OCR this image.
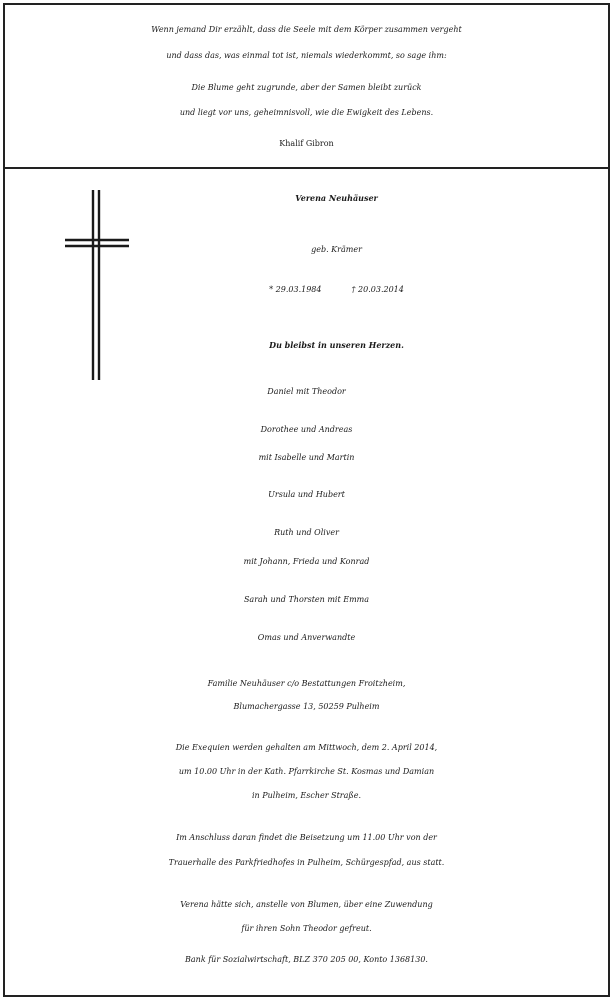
Wenn jemand Dir erzählt, dass die Seele mit dem Körper zusammen vergeht
und dass das, was einmal tot ist, niemals wiederkommt, so sage ihm:
Die Blume geht zugrunde, aber der Samen bleibt zurück
und liegt vor uns, geheimnisvoll, wie die Ewigkeit des Lebens.
Khalif Gibron
Verena Neuhäuser
geb. Krämer
* 29.03.1984	† 20.03.2014
Du bleibst in unseren Herzen.
Daniel mit Theodor
Dorothee und Andreas
mit Isabelle und Martin
Ursula und Hubert
Ruth und Oliver
mit Johann, Frieda und Konrad
Sarah und Thorsten mit Emma
Omas und Anverwandte
Familie Neuhäuser c/o Bestattungen Froitzheim,
Blumachergasse 13, 50259 Pulheim
Die Exequien werden gehalten am Mittwoch, dem 2. April 2014,
um 10.00 Uhr in der Kath. Pfarrkirche St. Kosmas und Damian
in Pulheim, Escher Straße.
Im Anschluss daran findet die Beisetzung um 11.00 Uhr von der
Trauerhalle des Parkfriedhofes in Pulheim, Schürgespfad, aus statt.
Verena hätte sich, anstelle von Blumen, über eine Zuwendung
für ihren Sohn Theodor gefreut.
Bank für Sozialwirtschaft, BLZ 370 205 00, Konto 1368130.
